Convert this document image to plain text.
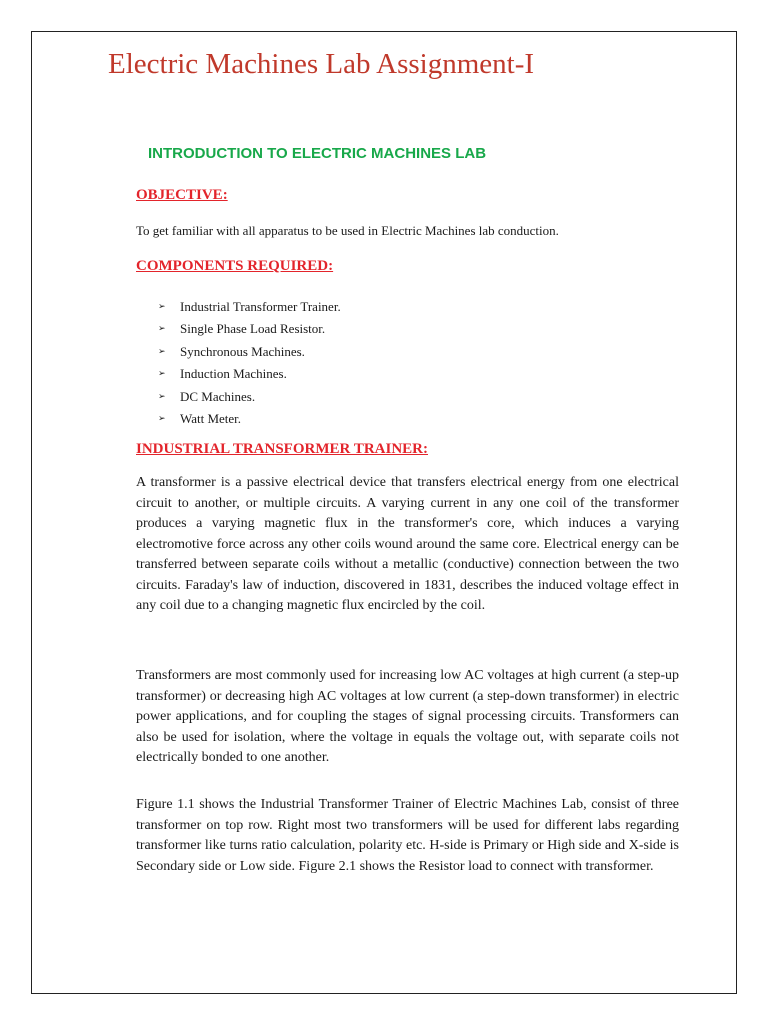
Electric Machines Lab Assignment-I
INTRODUCTION TO ELECTRIC MACHINES LAB
OBJECTIVE:

To get familiar with all apparatus to be used in Electric Machines lab conduction.

COMPONENTS REQUIRED:
➢ Industrial Transformer Trainer.
➢ Single Phase Load Resistor.
➢ Synchronous Machines.
➢ Induction Machines.
➢ DC Machines.
➢ Watt Meter.
INDUSTRIAL TRANSFORMER TRAINER:

A transformer is a passive electrical device that transfers electrical energy from one electrical circuit to another, or multiple circuits. A varying current in any one coil of the transformer produces a varying magnetic flux in the transformer's core, which induces a varying electromotive force across any other coils wound around the same core. Electrical energy can be transferred between separate coils without a metallic (conductive) connection between the two circuits. Faraday's law of induction, discovered in 1831, describes the induced voltage effect in any coil due to a changing magnetic flux encircled by the coil.

Transformers are most commonly used for increasing low AC voltages at high current (a step-up transformer) or decreasing high AC voltages at low current (a step-down transformer) in electric power applications, and for coupling the stages of signal processing circuits. Transformers can also be used for isolation, where the voltage in equals the voltage out, with separate coils not electrically bonded to one another.

Figure 1.1 shows the Industrial Transformer Trainer of Electric Machines Lab, consist of three transformer on top row. Right most two transformers will be used for different labs regarding transformer like turns ratio calculation, polarity etc. H-side is Primary or High side and X-side is Secondary side or Low side. Figure 2.1 shows the Resistor load to connect with transformer.
